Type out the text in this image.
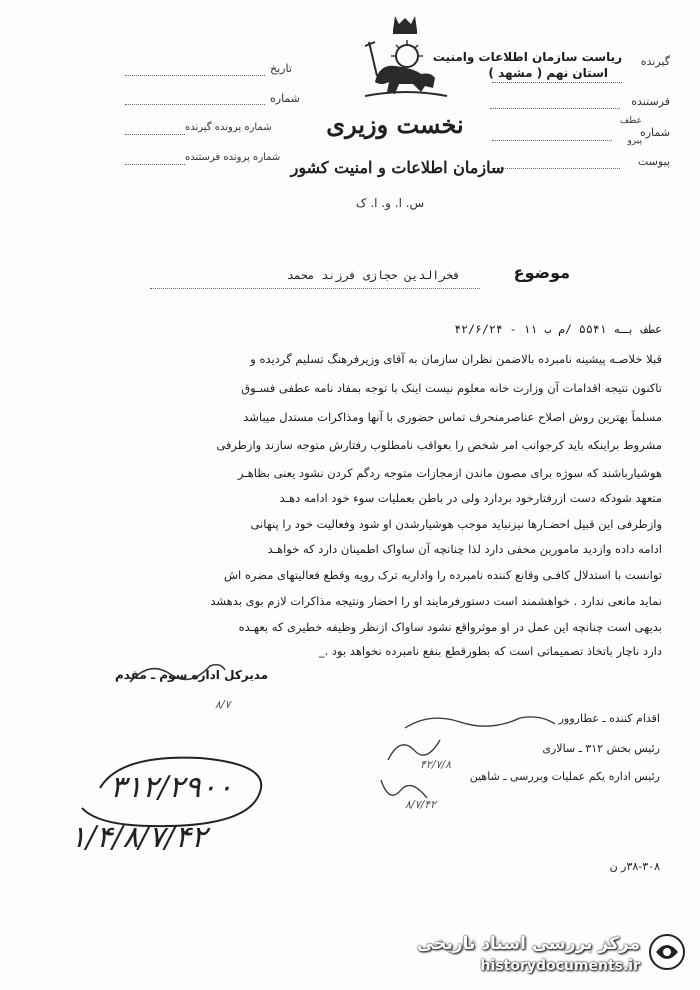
گیرنده
ریاست سازمان اطلاعات وامنیت
استان نهم ( مشهد )
فرستنده
عطف
پیرو
شماره
پیوست
تاریخ
شماره
شماره پرونده گیرنده
شماره پرونده فرستنده
نخست وزیری
سازمان اطلاعات و امنیت کشور
س. ا. و. ا. ک
موضوع
فخرالدین حجازی فرزند محمد
عطف بـه ۵۵۴۱ /م ب ۱۱ - ۴۲/۶/۲۴
قبلا خلاصـه پیشینه نامبرده بالاضمن نظران سازمان به آقای وزیرفرهنگ تسلیم گردیده و
تاکنون نتیجه اقدامات آن وزارت خانه معلوم نیست اینک با توجه بمفاد نامه عطفی فسـوق
مسلماً بهترین روش اصلاح عناصرمنحرف تماس حضوری با آنها ومذاکرات مستدل میباشد
مشروط براینکه باید کرجوانب امر شخص را بعواقب نامطلوب رفتارش متوجه سازند وازطرفی
هوشیارباشند که سوژه برای مصون ماندن ازمجازات متوجه ردگم کردن نشود یعنی بظاهـر
متعهد شودکه دست ازرفتارخود بردارد ولی در باطن بعملیات سوء خود ادامه دهـد
وازطرفی این قبیل احضـارها نیزنباید موجب هوشیارشدن او شود وفعالیت خود را پنهانی
ادامه داده وازدید مامورین مخفی دارد لذا چنانچه آن ساواک اطمینان دارد که خواهـد
توانست با استدلال کافـی وقانع کننده نامبرده را واداربه ترک رویه وقطع فعالیتهای مضره اش
نماید مانعی ندارد . خواهشمند است دستورفرمایند او را احضار ونتیجه مذاکرات لازم بوی بدهشد
بدیهی است چنانچه این عمل در او موثرواقع نشود ساواک ازنظر وظیفه خطیری که بعهـده
دارد ناچار باتخاذ تصمیماتی است که بطورقطع بنفع نامبرده نخواهد بود ._
مدیرکل اداره سوم ـ مقدم
۸/۷
اقدام کننده ـ عطاروور
رئیس بخش ۳۱۲ ـ سالاری
۴۲/۷/۸
رئیس اداره یکم عملیات وبررسی ـ شاهین
۸/۷/۴۲
۳۱۲/۲۹۰۰
۱/۴/۸/۷/۴۲
۳۸-۳۰۸ر ن
مرکز بررسی اسناد تاریخی
historydocuments.ir
